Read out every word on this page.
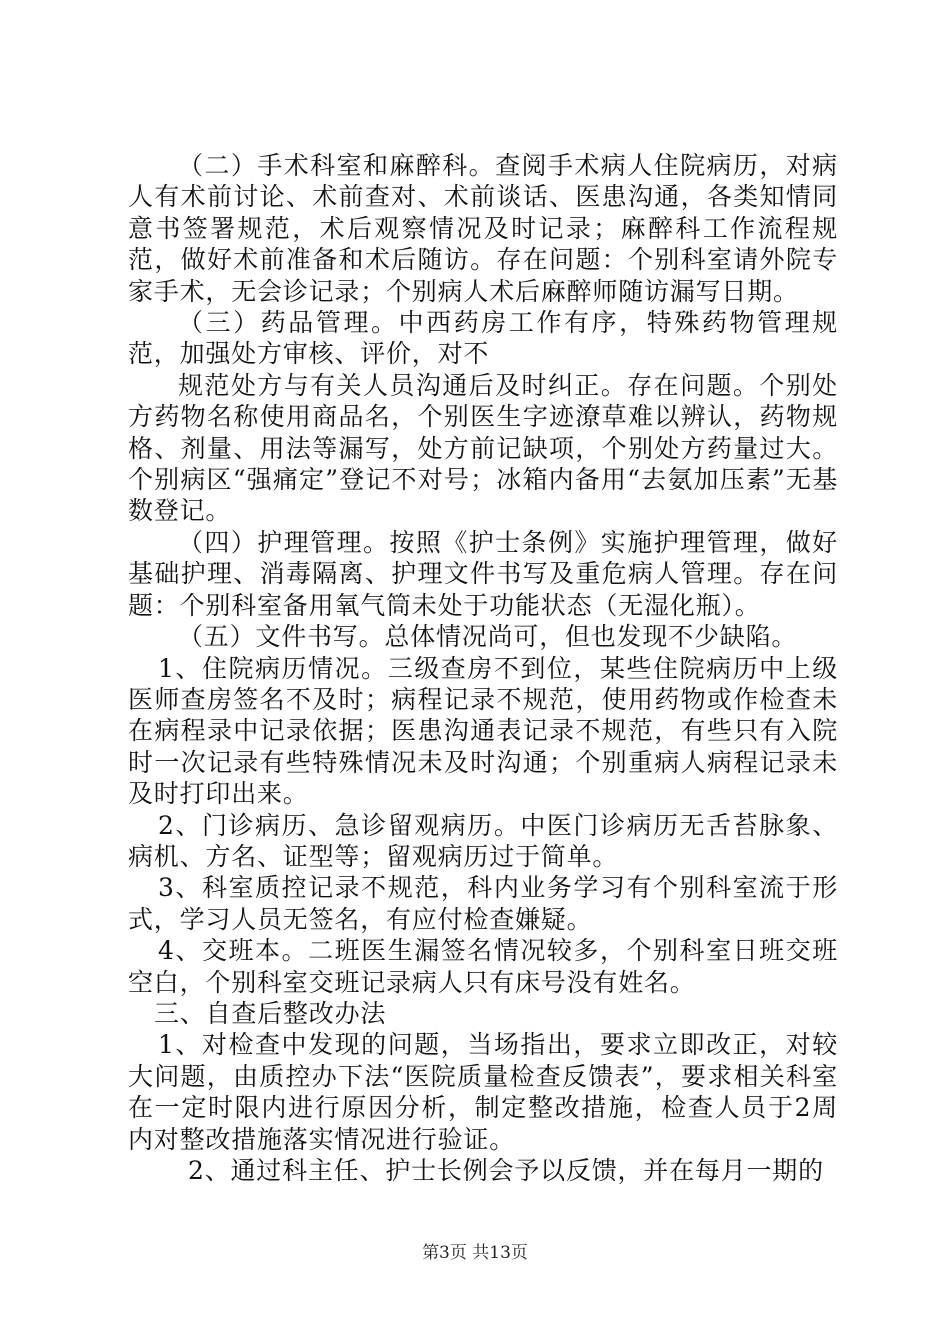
（二）手术科室和麻醉科。查阅手术病人住院病历，对病人有术前讨论、术前查对、术前谈话、医患沟通，各类知情同意书签署规范，术后观察情况及时记录；麻醉科工作流程规范，做好术前准备和术后随访。存在问题：个别科室请外院专家手术，无会诊记录；个别病人术后麻醉师随访漏写日期。

（三）药品管理。中西药房工作有序，特殊药物管理规范，加强处方审核、评价，对不

规范处方与有关人员沟通后及时纠正。存在问题。个别处方药物名称使用商品名，个别医生字迹潦草难以辨认，药物规格、剂量、用法等漏写，处方前记缺项，个别处方药量过大。个别病区“强痛定”登记不对号；冰箱内备用“去氨加压素”无基数登记。

（四）护理管理。按照《护士条例》实施护理管理，做好基础护理、消毒隔离、护理文件书写及重危病人管理。存在问题：个别科室备用氧气筒未处于功能状态（无湿化瓶）。

（五）文件书写。总体情况尚可，但也发现不少缺陷。

1、住院病历情况。三级查房不到位，某些住院病历中上级医师查房签名不及时；病程记录不规范，使用药物或作检查未在病程录中记录依据；医患沟通表记录不规范，有些只有入院时一次记录有些特殊情况未及时沟通；个别重病人病程记录未及时打印出来。

2、门诊病历、急诊留观病历。中医门诊病历无舌苔脉象、病机、方名、证型等；留观病历过于简单。

3、科室质控记录不规范，科内业务学习有个别科室流于形式，学习人员无签名，有应付检查嫌疑。

4、交班本。二班医生漏签名情况较多，个别科室日班交班空白，个别科室交班记录病人只有床号没有姓名。

三、自查后整改办法

1、对检查中发现的问题，当场指出，要求立即改正，对较大问题，由质控办下法“医院质量检查反馈表”，要求相关科室在一定时限内进行原因分析，制定整改措施，检查人员于2周内对整改措施落实情况进行验证。

2、通过科主任、护士长例会予以反馈，并在每月一期的

第3页 共13页
